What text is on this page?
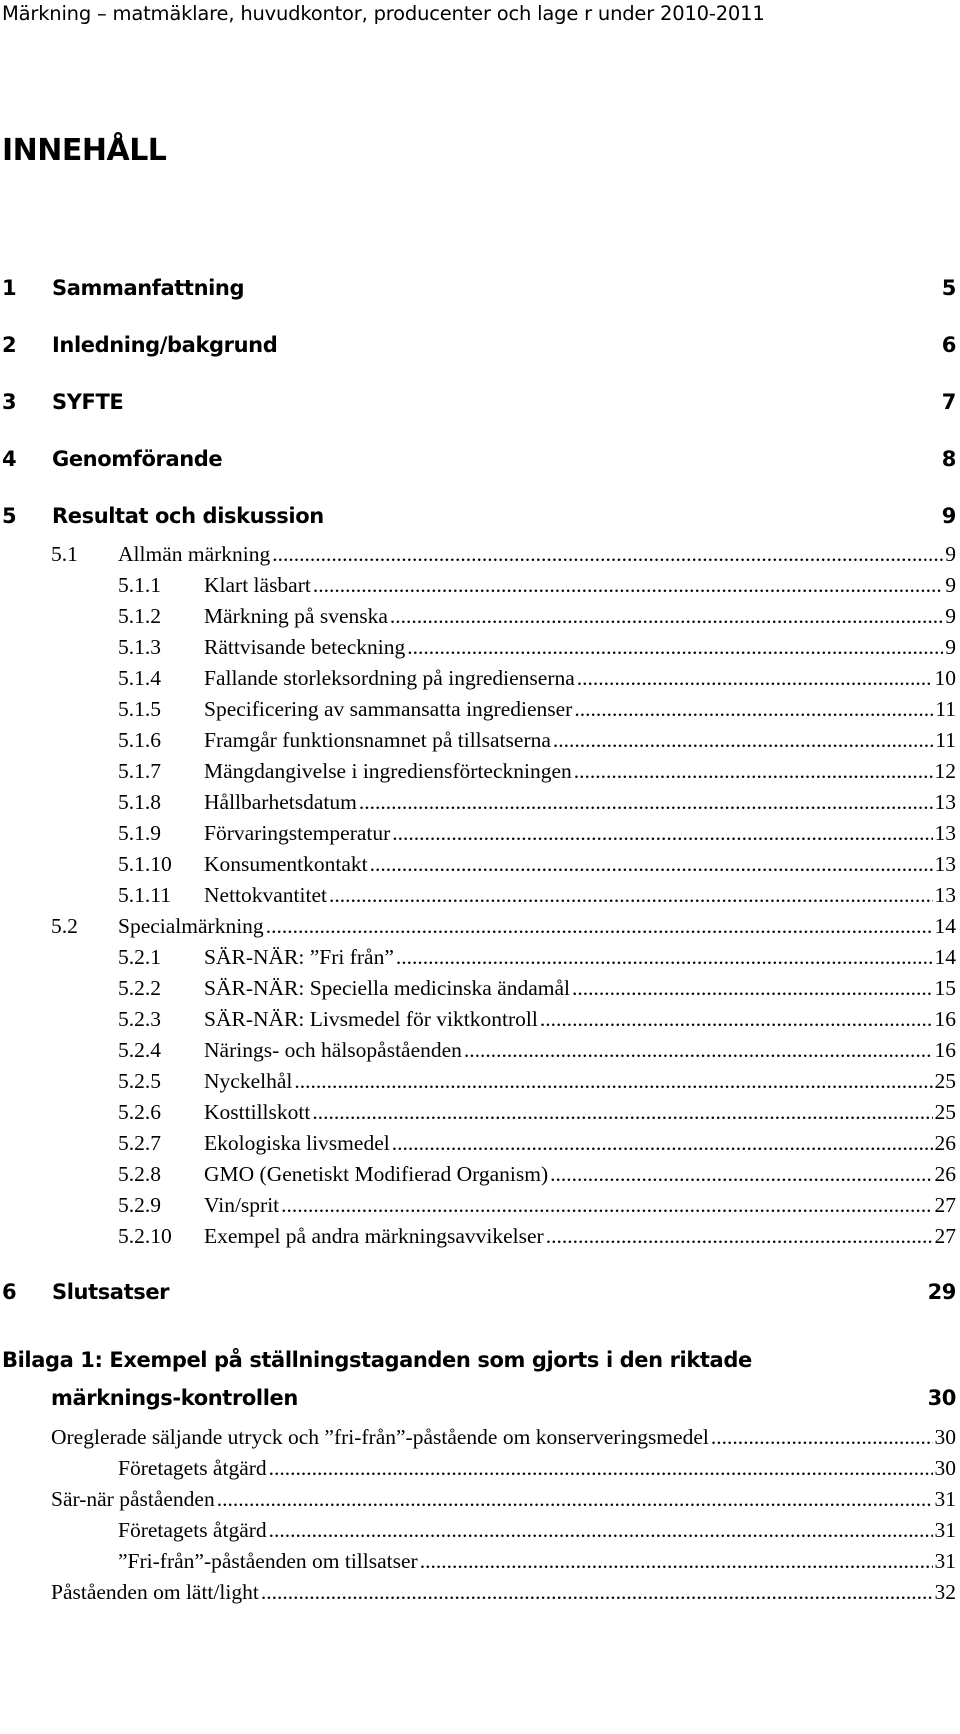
Märkning – matmäklare, huvudkontor, producenter och lage r under 2010-2011
INNEHÅLL
1	Sammanfattning	5
2	Inledning/bakgrund	6
3	SYFTE	7
4	Genomförande	8
5	Resultat och diskussion	9
5.1	Allmän märkning .....	9
5.1.1	Klart läsbart .....	9
5.1.2	Märkning på svenska .....	9
5.1.3	Rättvisande beteckning .....	9
5.1.4	Fallande storleksordning på ingredienserna .....	10
5.1.5	Specificering av sammansatta ingredienser .....	11
5.1.6	Framgår funktionsnamnet på tillsatserna .....	11
5.1.7	Mängdangivelse i ingrediensförteckningen .....	12
5.1.8	Hållbarhetsdatum .....	13
5.1.9	Förvaringstemperatur .....	13
5.1.10	Konsumentkontakt .....	13
5.1.11	Nettokvantitet .....	13
5.2	Specialmärkning .....	14
5.2.1	SÄR-NÄR: ”Fri från” .....	14
5.2.2	SÄR-NÄR: Speciella medicinska ändamål .....	15
5.2.3	SÄR-NÄR: Livsmedel för viktkontroll .....	16
5.2.4	Närings- och hälsopåståenden .....	16
5.2.5	Nyckelhål .....	25
5.2.6	Kosttillskott .....	25
5.2.7	Ekologiska livsmedel .....	26
5.2.8	GMO (Genetiskt Modifierad Organism) .....	26
5.2.9	Vin/sprit .....	27
5.2.10	Exempel på andra märkningsavvikelser .....	27
6	Slutsatser	29
Bilaga 1: Exempel på ställningstaganden som gjorts i den riktade
märknings-kontrollen	30
Oreglerade säljande utryck och ”fri-från”-påstående om konserveringsmedel .....	30
Företagets åtgärd .....	30
Sär-när påståenden .....	31
Företagets åtgärd .....	31
”Fri-från”-påståenden om tillsatser .....	31
Påståenden om lätt/light .....	32
